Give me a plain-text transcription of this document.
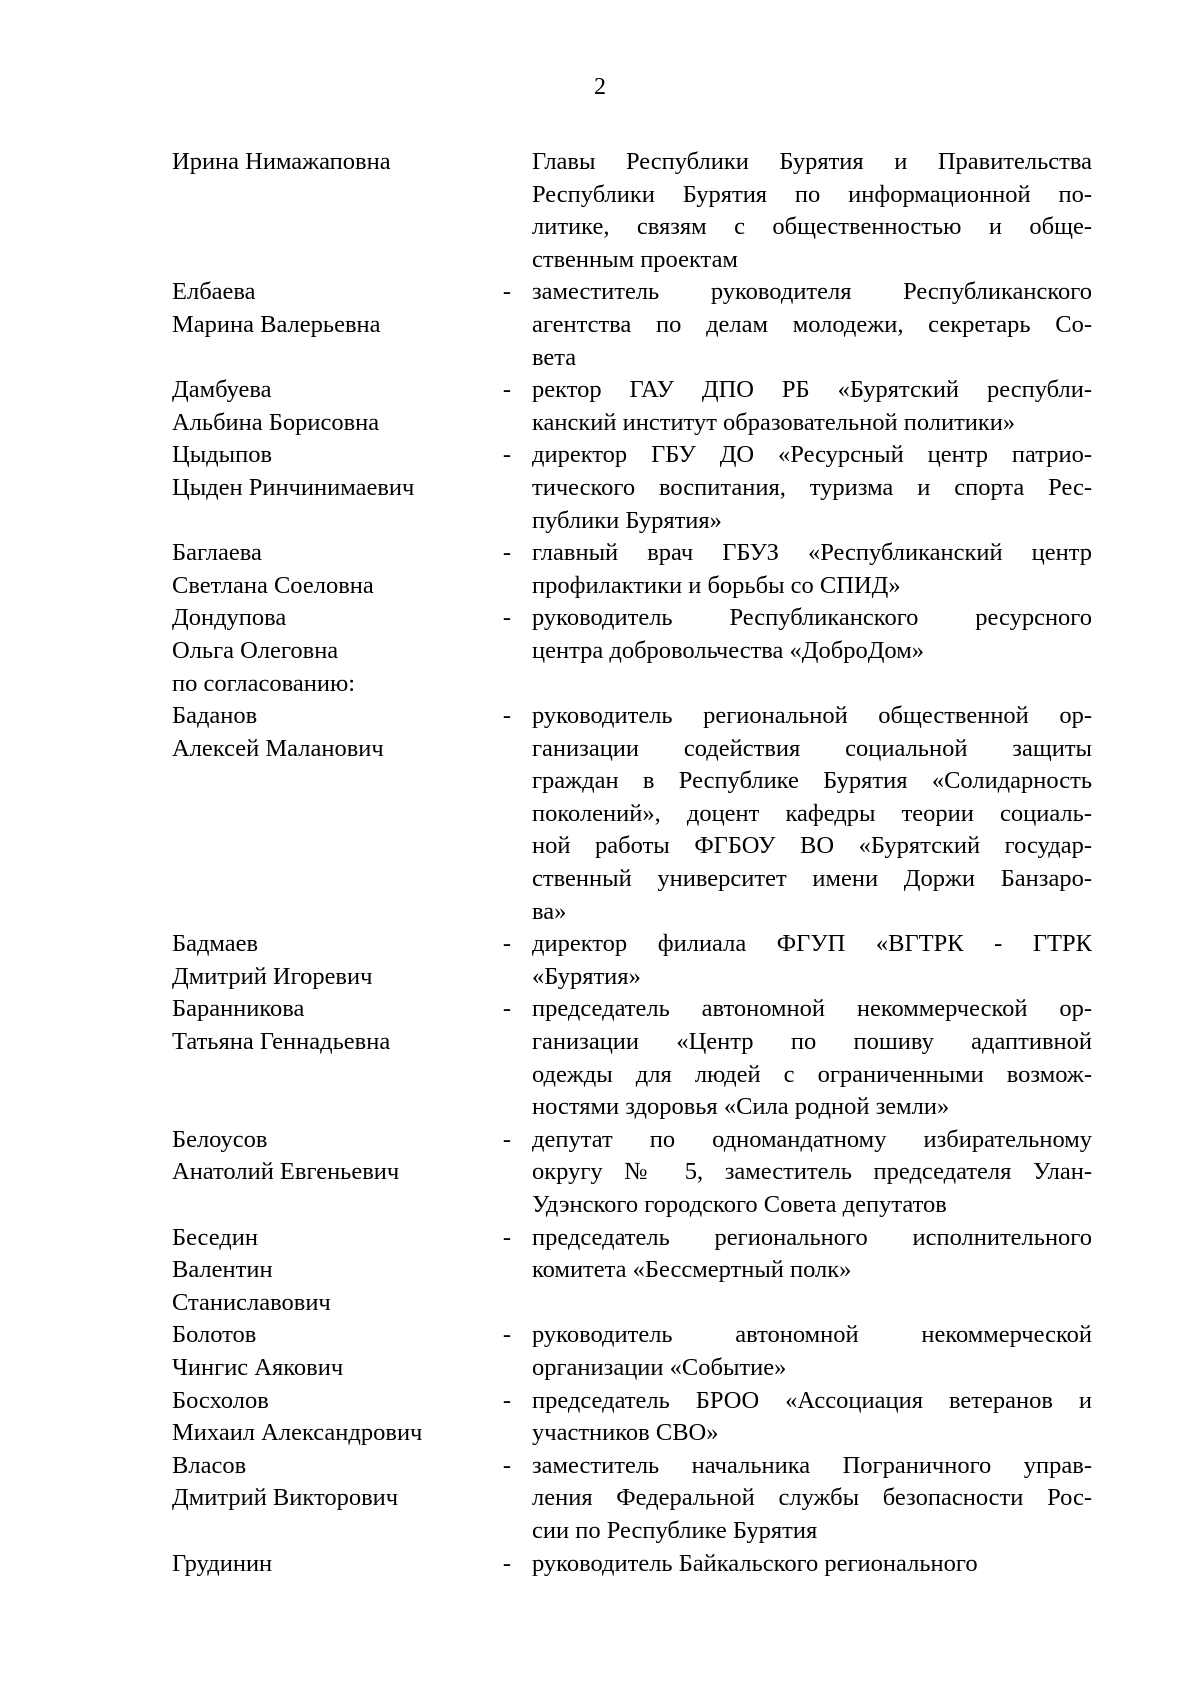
2
Ирина Нимажаповна	Главы Республики Бурятия и Правительства
Республики Бурятия по информационной по-
литике, связям с общественностью и обще-
ственным проектам
Елбаева
Марина Валерьевна
- заместитель руководителя Республиканского
агентства по делам молодежи, секретарь Со-
вета
Дамбуева
Альбина Борисовна
- ректор ГАУ ДПО РБ «Бурятский республи-
канский институт образовательной политики»
Цыдыпов
Цыден Ринчинимаевич
- директор ГБУ ДО «Ресурсный центр патрио-
тического воспитания, туризма и спорта Рес-
публики Бурятия»
Баглаева
Светлана Соеловна
- главный врач ГБУЗ «Республиканский центр
профилактики и борьбы со СПИД»
Дондупова
Ольга Олеговна
- руководитель Республиканского ресурсного
центра добровольчества «ДоброДом»
по согласованию:
Баданов
Алексей Маланович
- руководитель региональной общественной ор-
ганизации содействия социальной защиты
граждан в Республике Бурятия «Солидарность
поколений», доцент кафедры теории социаль-
ной работы ФГБОУ ВО «Бурятский государ-
ственный университет имени Доржи Банзаро-
ва»
Бадмаев
Дмитрий Игоревич
- директор филиала ФГУП «ВГТРК - ГТРК
«Бурятия»
Баранникова
Татьяна Геннадьевна
- председатель автономной некоммерческой ор-
ганизации «Центр по пошиву адаптивной
одежды для людей с ограниченными возмож-
ностями здоровья «Сила родной земли»
Белоусов
Анатолий Евгеньевич
- депутат по одномандатному избирательному
округу № 5, заместитель председателя Улан-
Удэнского городского Совета депутатов
Беседин
Валентин
Станиславович
- председатель регионального исполнительного
комитета «Бессмертный полк»
Болотов
Чингис Аякович
- руководитель автономной некоммерческой
организации «Событие»
Босхолов
Михаил Александрович
- председатель БРОО «Ассоциация ветеранов и
участников СВО»
Власов
Дмитрий Викторович
- заместитель начальника Пограничного управ-
ления Федеральной службы безопасности Рос-
сии по Республике Бурятия
Грудинин	- руководитель Байкальского регионального
